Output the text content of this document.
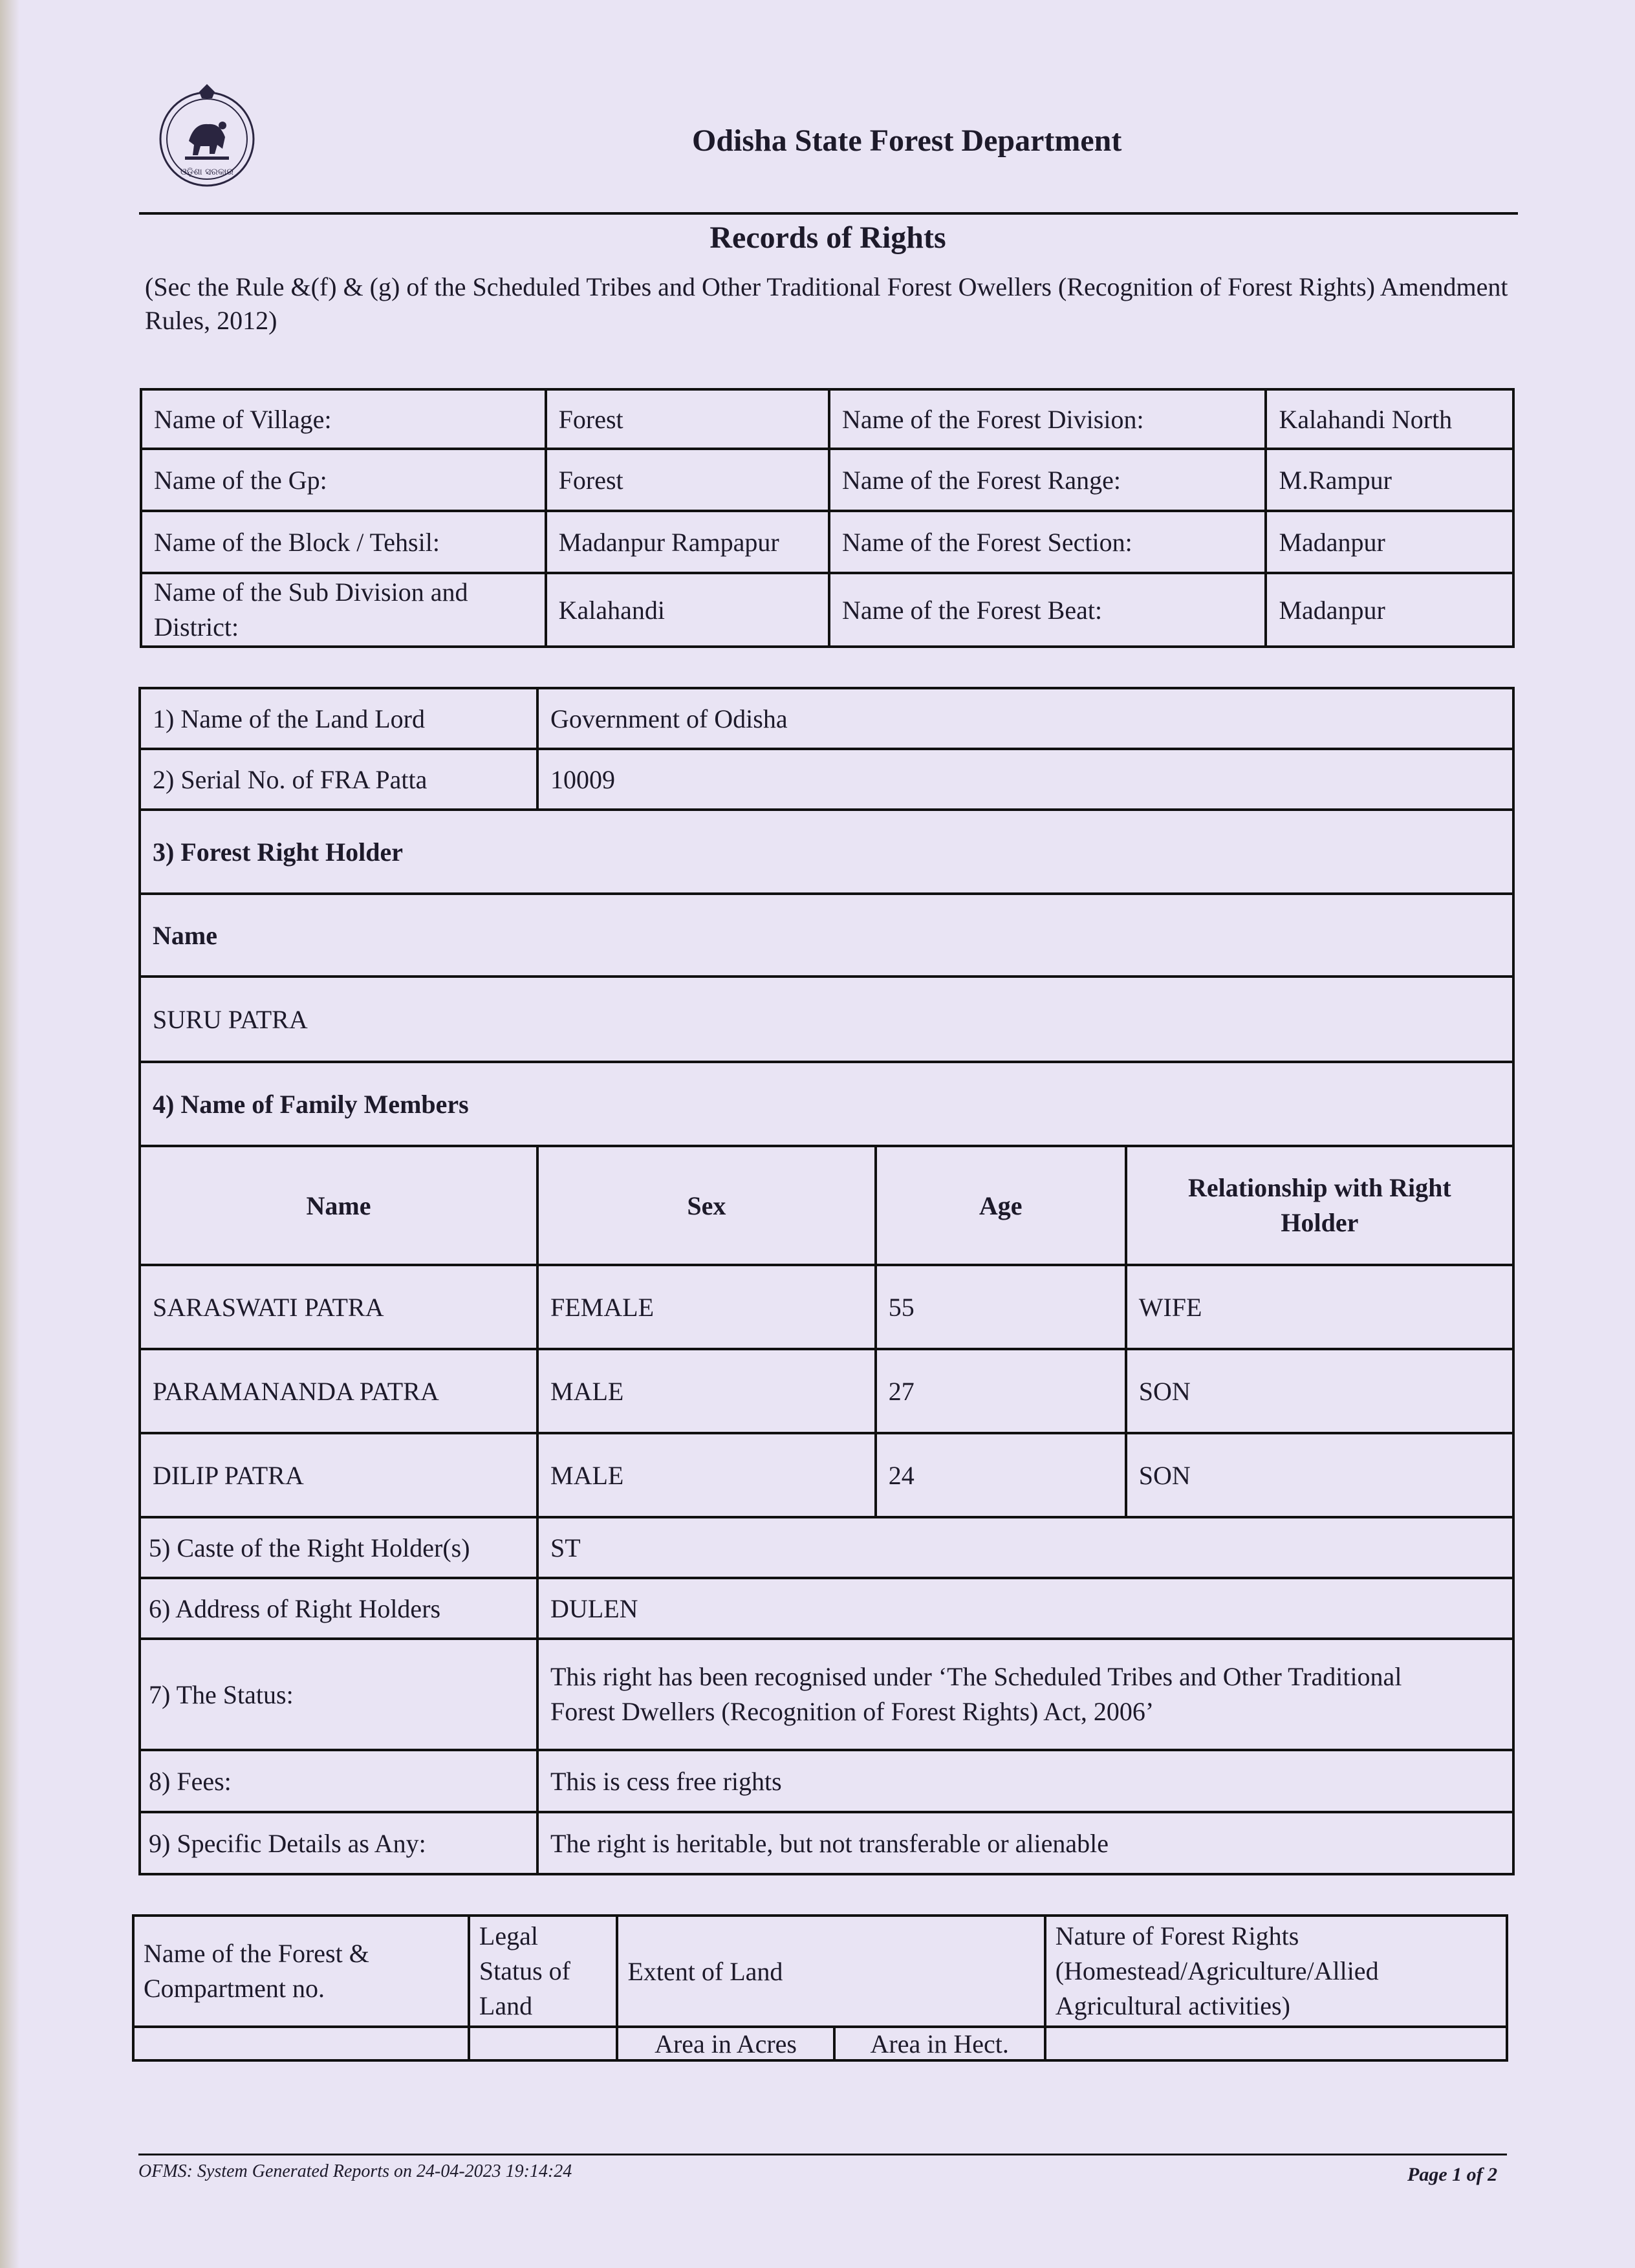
ଓଡ଼ିଶା ସରକାର
Odisha State Forest Department
Records of Rights
(Sec the Rule &(f) & (g) of the Scheduled Tribes and Other Traditional Forest Owellers (Recognition of Forest Rights) Amendment Rules, 2012)
Name of Village:	Forest	Name of the Forest Division:	Kalahandi North
Name of the Gp:	Forest	Name of the Forest Range:	M.Rampur
Name of the Block / Tehsil:	Madanpur Rampapur	Name of the Forest Section:	Madanpur
Name of the Sub Division and District:	Kalahandi	Name of the Forest Beat:	Madanpur
1) Name of the Land Lord	Government of Odisha		
2) Serial No. of FRA Patta	10009		
3) Forest Right Holder			
Name			
SURU PATRA			
4) Name of Family Members			
Name	Sex	Age	Relationship with Right Holder
SARASWATI PATRA	FEMALE	55	WIFE
PARAMANANDA PATRA	MALE	27	SON
DILIP PATRA	MALE	24	SON
5) Caste of the Right Holder(s)	ST		
6) Address of Right Holders	DULEN		
7) The Status:	This right has been recognised under ‘The Scheduled Tribes and Other Traditional
Forest Dwellers (Recognition of Forest Rights) Act, 2006’		

8) Fees:	This is cess free rights		
9) Specific Details as Any:	The right is heritable, but not transferable or alienable		
Name of the Forest & Compartment no.	Legal Status of Land	Extent of Land		Nature of Forest Rights (Homestead/Agriculture/Allied Agricultural activities)
		Area in Acres	Area in Hect.	
OFMS: System Generated Reports on 24-04-2023 19:14:24	Page 1 of 2
